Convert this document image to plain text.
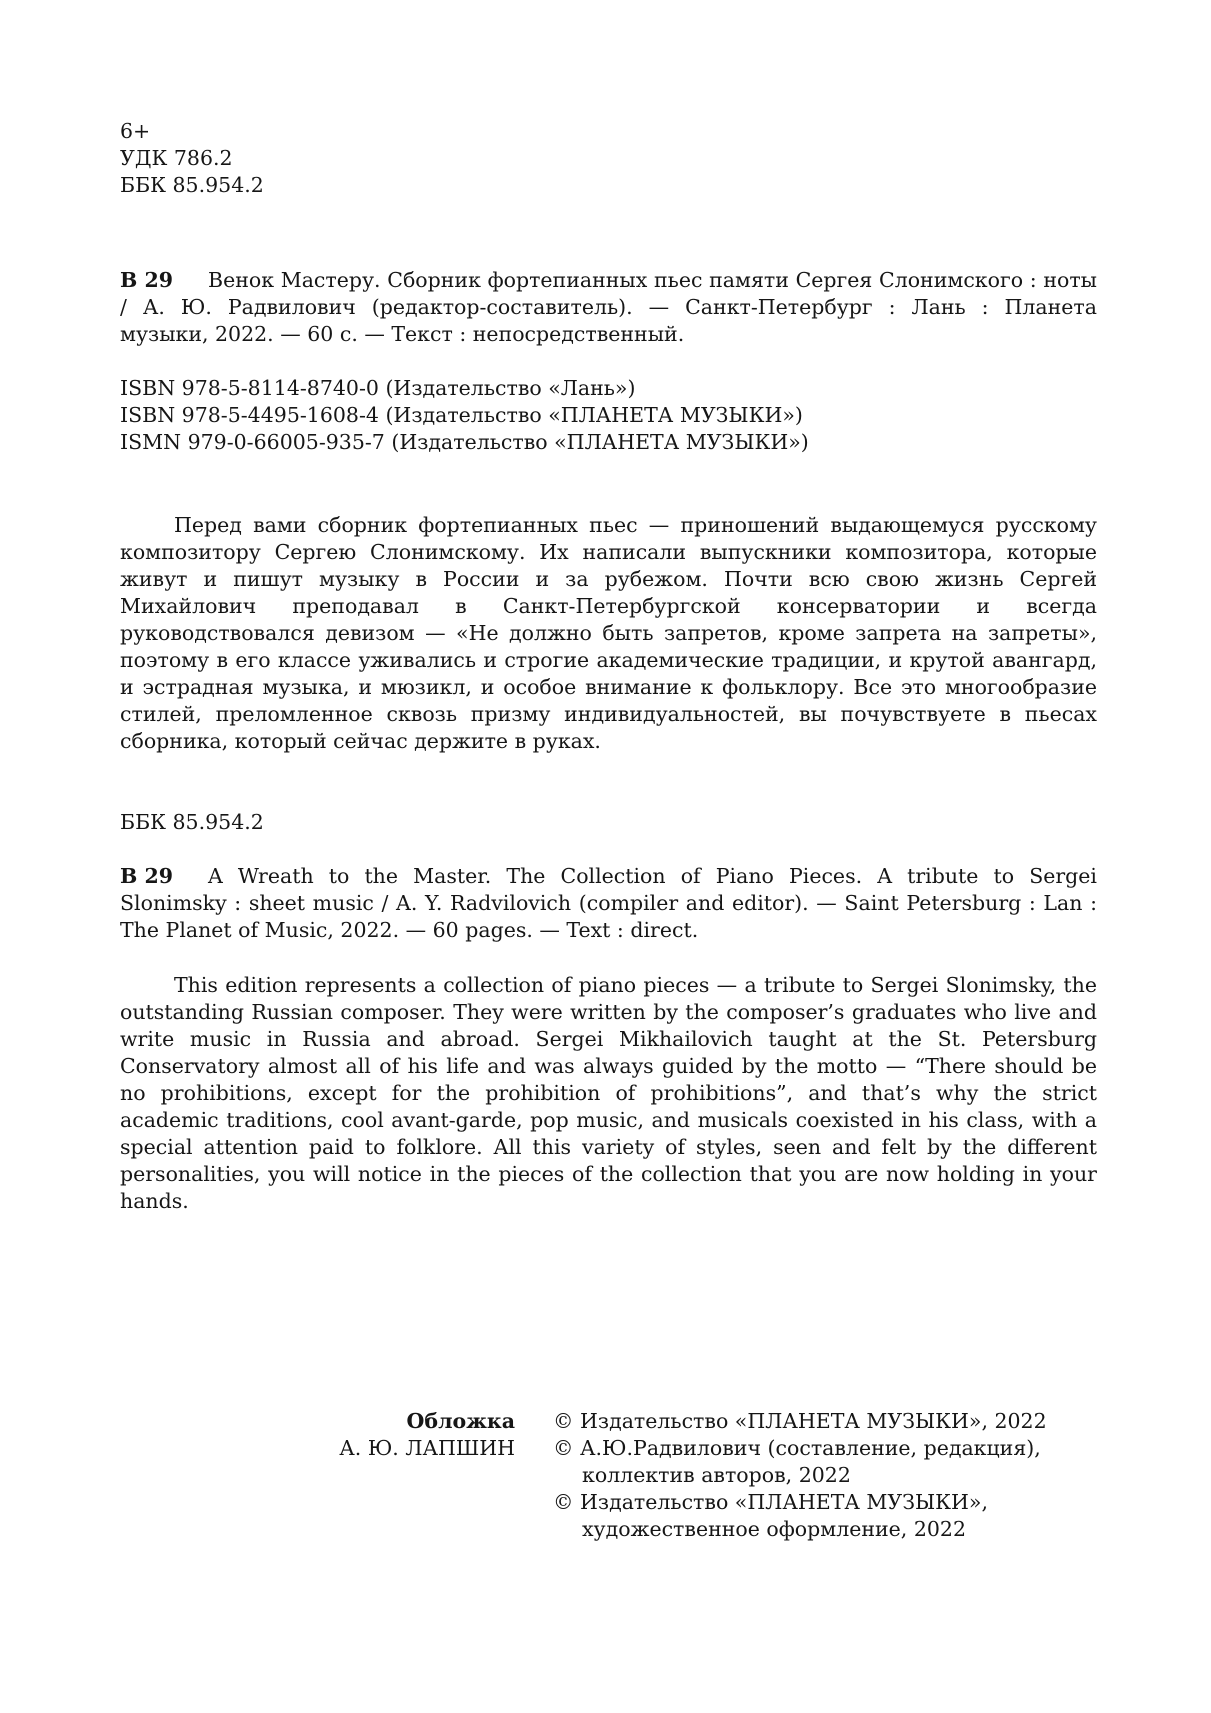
6+
УДК 786.2
ББК 85.954.2
В 29 Венок Мастеру. Сборник фортепианных пьес памяти Сергея Слонимского : ноты / А. Ю. Радвилович (редактор-составитель). — Санкт-Петербург : Лань : Планета музыки, 2022. — 60 с. — Текст : непосредственный.
ISBN 978-5-8114-8740-0 (Издательство «Лань»)
ISBN 978-5-4495-1608-4 (Издательство «ПЛАНЕТА МУЗЫКИ»)
ISMN 979-0-66005-935-7 (Издательство «ПЛАНЕТА МУЗЫКИ»)
Перед вами сборник фортепианных пьес — приношений выдающемуся русскому композитору Сергею Слонимскому. Их написали выпускники композитора, которые живут и пишут музыку в России и за рубежом. Почти всю свою жизнь Сергей Михайлович преподавал в Санкт-Петербургской консерватории и всегда руководствовался девизом — «Не должно быть запретов, кроме запрета на запреты», поэтому в его классе уживались и строгие академические традиции, и крутой авангард, и эстрадная музыка, и мюзикл, и особое внимание к фольклору. Все это многообразие стилей, преломленное сквозь призму индивидуальностей, вы почувствуете в пьесах сборника, который сейчас держите в руках.
ББК 85.954.2
В 29 A Wreath to the Master. The Collection of Piano Pieces. A tribute to Sergei Slonimsky : sheet music / A. Y. Radvilovich (compiler and editor). — Saint Petersburg : Lan : The Planet of Music, 2022. — 60 pages. — Text : direct.
This edition represents a collection of piano pieces — a tribute to Sergei Slonimsky, the outstanding Russian composer. They were written by the composer’s graduates who live and write music in Russia and abroad. Sergei Mikhailovich taught at the St. Petersburg Conservatory almost all of his life and was always guided by the motto — “There should be no prohibitions, except for the prohibition of prohibitions”, and that’s why the strict academic traditions, cool avant-garde, pop music, and musicals coexisted in his class, with a special attention paid to folklore. All this variety of styles, seen and felt by the different personalities, you will notice in the pieces of the collection that you are now holding in your hands.
Обложка	© Издательство «ПЛАНЕТА МУЗЫКИ», 2022
А. Ю. ЛАПШИН	© А.Ю.Радвилович (составление, редакция),
коллектив авторов, 2022
© Издательство «ПЛАНЕТА МУЗЫКИ»,
художественное оформление, 2022
